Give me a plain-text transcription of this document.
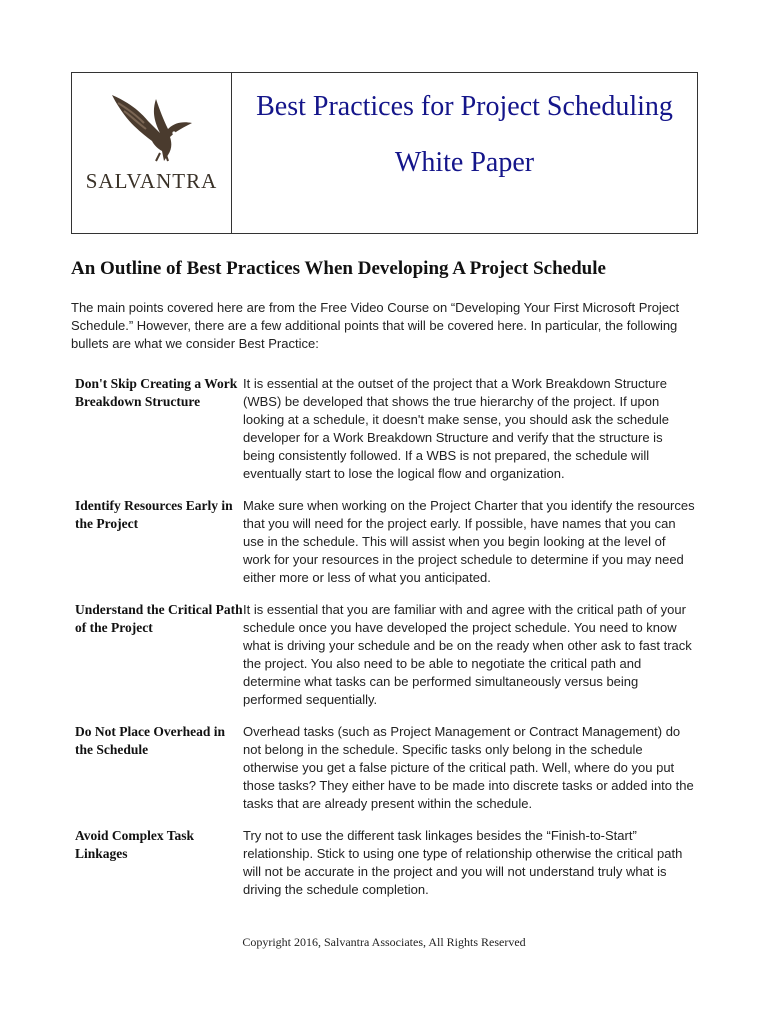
SALVANTRA
Best Practices for Project Scheduling
White Paper
An Outline of Best Practices When Developing A Project Schedule
The main points covered here are from the Free Video Course on “Developing Your First Microsoft Project Schedule.” However, there are a few additional points that will be covered here. In particular, the following bullets are what we consider Best Practice:
Don't Skip Creating a Work Breakdown Structure
It is essential at the outset of the project that a Work Breakdown Structure (WBS) be developed that shows the true hierarchy of the project. If upon looking at a schedule, it doesn't make sense, you should ask the schedule developer for a Work Breakdown Structure and verify that the structure is being consistently followed. If a WBS is not prepared, the schedule will eventually start to lose the logical flow and organization.
Identify Resources Early in the Project
Make sure when working on the Project Charter that you identify the resources that you will need for the project early. If possible, have names that you can use in the schedule. This will assist when you begin looking at the level of work for your resources in the project schedule to determine if you may need either more or less of what you anticipated.
Understand the Critical Path of the Project
It is essential that you are familiar with and agree with the critical path of your schedule once you have developed the project schedule. You need to know what is driving your schedule and be on the ready when other ask to fast track the project. You also need to be able to negotiate the critical path and determine what tasks can be performed simultaneously versus being performed sequentially.
Do Not Place Overhead in the Schedule
Overhead tasks (such as Project Management or Contract Management) do not belong in the schedule. Specific tasks only belong in the schedule otherwise you get a false picture of the critical path. Well, where do you put those tasks? They either have to be made into discrete tasks or added into the tasks that are already present within the schedule.
Avoid Complex Task Linkages
Try not to use the different task linkages besides the “Finish-to-Start” relationship. Stick to using one type of relationship otherwise the critical path will not be accurate in the project and you will not understand truly what is driving the schedule completion.
Copyright 2016, Salvantra Associates, All Rights Reserved
